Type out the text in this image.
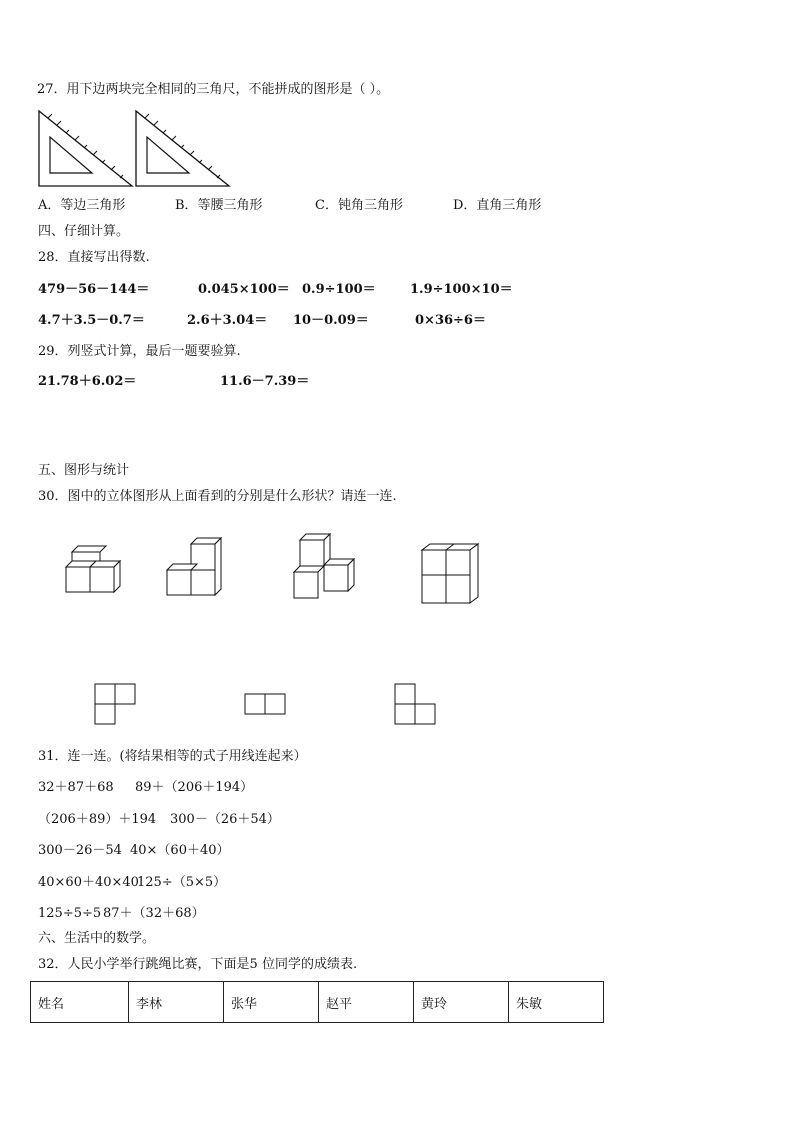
27．用下边两块完全相同的三角尺，不能拼成的图形是（ ）。
A．等边三角形	B．等腰三角形	C．钝角三角形	D．直角三角形
四、仔细计算。
28．直接写出得数.
479－56－144＝	0.045×100＝ 0.9÷100＝	1.9÷100×10＝
4.7＋3.5－0.7＝	2.6＋3.04＝ 10－0.09＝	0×36÷6＝
29．列竖式计算，最后一题要验算.
21.78＋6.02＝	11.6－7.39＝
五、图形与统计
30．图中的立体图形从上面看到的分别是什么形状？请连一连.
31．连一连。(将结果相等的式子用线连起来）
32＋87＋68 89＋（206＋194）
（206＋89）＋194 300－（26＋54）
300－26－54 40×（60＋40）
40×60＋40×40
125÷（5×5）
125÷5÷5 87＋（32＋68）
六、生活中的数学。
32．人民小学举行跳绳比赛，下面是5 位同学的成绩表.
姓名	李林	张华	赵平	黄玲	朱敏
